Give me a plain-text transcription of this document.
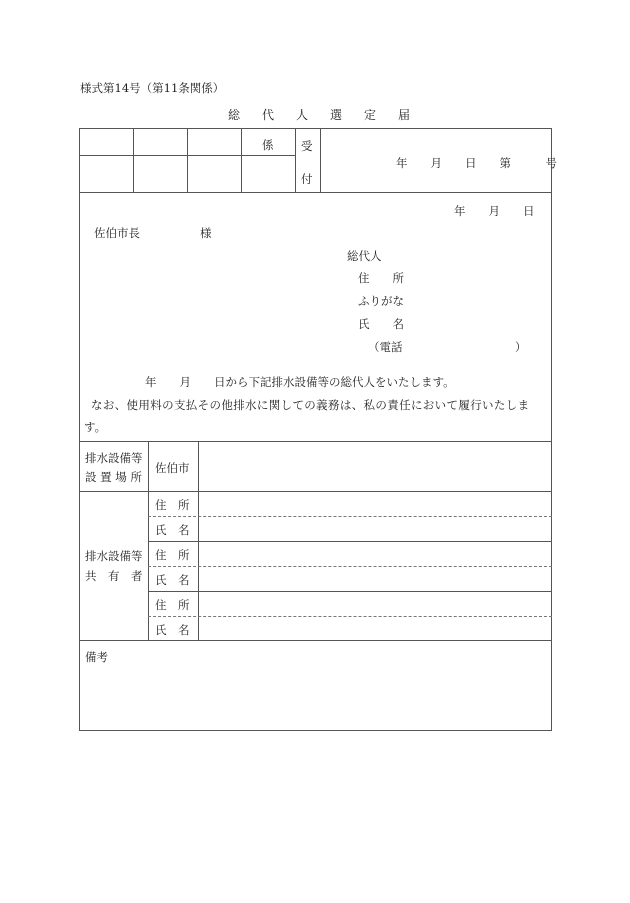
様式第14号（第11条関係）
総代人選定届
係 受
付
年　　月　　日　　第　　　号
年　　月　　日
佐伯市長	様
総代人
住　　所
ふりがな
氏　　名
（電話	）
年　　月　　日から下記排水設備等の総代人をいたします。
なお、使用料の支払その他排水に関しての義務は、私の責任において履行いたしま
す。
排水設備等
設 置 場 所
佐伯市
排水設備等
共　有　者
住　所
氏　名
住　所
氏　名
住　所
氏　名
備考
